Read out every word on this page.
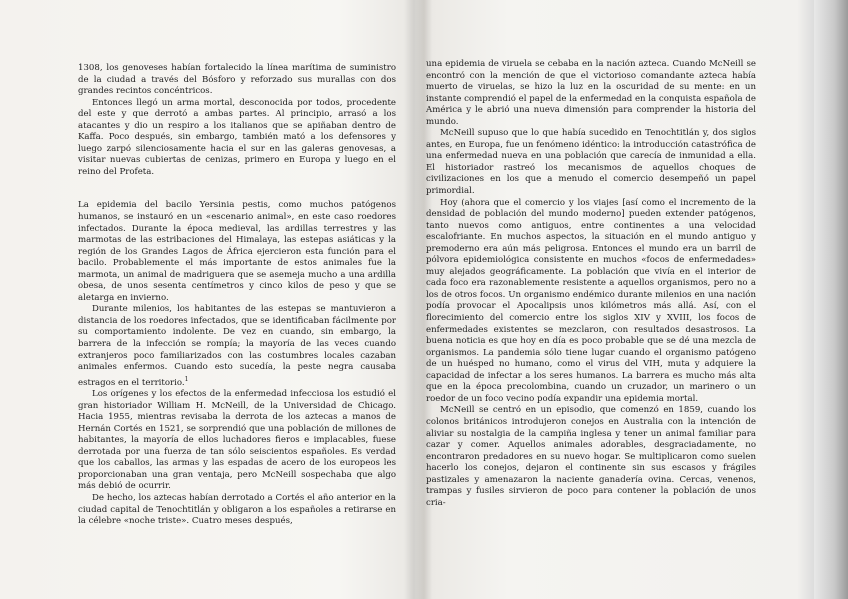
1308, los genoveses habían fortalecido la línea marítima de suministro de la ciudad a través del Bósforo y reforzado sus murallas con dos grandes recintos concéntricos.

Entonces llegó un arma mortal, desconocida por todos, procedente del este y que derrotó a ambas partes. Al principio, arrasó a los atacantes y dio un respiro a los italianos que se apiñaban dentro de Kaffa. Poco después, sin embargo, también mató a los defensores y luego zarpó silenciosamente hacia el sur en las galeras genovesas, a visitar nuevas cubiertas de cenizas, primero en Europa y luego en el reino del Profeta.

La epidemia del bacilo Yersinia pestis, como muchos patógenos humanos, se instauró en un «escenario animal», en este caso roedores infectados. Durante la época medieval, las ardillas terrestres y las marmotas de las estribaciones del Himalaya, las estepas asiáticas y la región de los Grandes Lagos de África ejercieron esta función para el bacilo. Probablemente el más importante de estos animales fue la marmota, un animal de madriguera que se asemeja mucho a una ardilla obesa, de unos sesenta centímetros y cinco kilos de peso y que se aletarga en invierno.

Durante milenios, los habitantes de las estepas se mantuvieron a distancia de los roedores infectados, que se identificaban fácilmente por su comportamiento indolente. De vez en cuando, sin embargo, la barrera de la infección se rompía; la mayoría de las veces cuando extranjeros poco familiarizados con las costumbres locales cazaban animales enfermos. Cuando esto sucedía, la peste negra causaba estragos en el territorio.$^1$

Los orígenes y los efectos de la enfermedad infecciosa los estudió el gran historiador William H. McNeill, de la Universidad de Chicago. Hacia 1955, mientras revisaba la derrota de los aztecas a manos de Hernán Cortés en 1521, se sorprendió que una población de millones de habitantes, la mayoría de ellos luchadores fieros e implacables, fuese derrotada por una fuerza de tan sólo seiscientos españoles. Es verdad que los caballos, las armas y las espadas de acero de los europeos les proporcionaban una gran ventaja, pero McNeill sospechaba que algo más debió de ocurrir.

De hecho, los aztecas habían derrotado a Cortés el año anterior en la ciudad capital de Tenochtitlán y obligaron a los españoles a retirarse en la célebre «noche triste». Cuatro meses después,

una epidemia de viruela se cebaba en la nación azteca. Cuando McNeill se encontró con la mención de que el victorioso comandante azteca había muerto de viruelas, se hizo la luz en la oscuridad de su mente: en un instante comprendió el papel de la enfermedad en la conquista española de América y le abrió una nueva dimensión para comprender la historia del mundo.

McNeill supuso que lo que había sucedido en Tenochtitlán y, dos siglos antes, en Europa, fue un fenómeno idéntico: la introducción catastrófica de una enfermedad nueva en una población que carecía de inmunidad a ella. El historiador rastreó los mecanismos de aquellos choques de civilizaciones en los que a menudo el comercio desempeñó un papel primordial.

Hoy (ahora que el comercio y los viajes [así como el incremento de la densidad de población del mundo moderno] pueden extender patógenos, tanto nuevos como antiguos, entre continentes a una velocidad escalofriante. En muchos aspectos, la situación en el mundo antiguo y premoderno era aún más peligrosa. Entonces el mundo era un barril de pólvora epidemiológica consistente en muchos «focos de enfermedades» muy alejados geográficamente. La población que vivía en el interior de cada foco era razonablemente resistente a aquellos organismos, pero no a los de otros focos. Un organismo endémico durante milenios en una nación podía provocar el Apocalipsis unos kilómetros más allá. Así, con el florecimiento del comercio entre los siglos XIV y XVIII, los focos de enfermedades existentes se mezclaron, con resultados desastrosos. La buena noticia es que hoy en día es poco probable que se dé una mezcla de organismos. La pandemia sólo tiene lugar cuando el organismo patógeno de un huésped no humano, como el virus del VIH, muta y adquiere la capacidad de infectar a los seres humanos. La barrera es mucho más alta que en la época precolombina, cuando un cruzador, un marinero o un roedor de un foco vecino podía expandir una epidemia mortal.

McNeill se centró en un episodio, que comenzó en 1859, cuando los colonos británicos introdujeron conejos en Australia con la intención de aliviar su nostalgia de la campiña inglesa y tener un animal familiar para cazar y comer. Aquellos animales adorables, desgraciadamente, no encontraron predadores en su nuevo hogar. Se multiplicaron como suelen hacerlo los conejos, dejaron el continente sin sus escasos y frágiles pastizales y amenazaron la naciente ganadería ovina. Cercas, venenos, trampas y fusiles sirvieron de poco para contener la población de unos cria-
